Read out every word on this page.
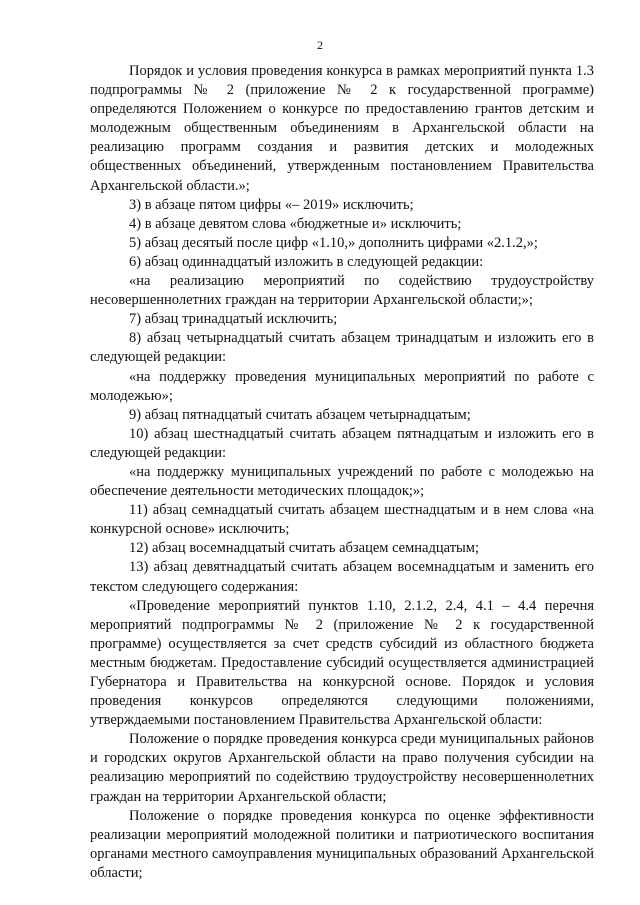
2

Порядок и условия проведения конкурса в рамках мероприятий пункта 1.3 подпрограммы № 2 (приложение № 2 к государственной программе) определяются Положением о конкурсе по предоставлению грантов детским и молодежным общественным объединениям в Архангельской области на реализацию программ создания и развития детских и молодежных общественных объединений, утвержденным постановлением Правительства Архангельской области.»;

3) в абзаце пятом цифры «– 2019» исключить;

4) в абзаце девятом слова «бюджетные и» исключить;

5) абзац десятый после цифр «1.10,» дополнить цифрами «2.1.2,»;

6) абзац одиннадцатый изложить в следующей редакции:

«на реализацию мероприятий по содействию трудоустройству несовершеннолетних граждан на территории Архангельской области;»;

7) абзац тринадцатый исключить;

8) абзац четырнадцатый считать абзацем тринадцатым и изложить его в следующей редакции:

«на поддержку проведения муниципальных мероприятий по работе с молодежью»;

9) абзац пятнадцатый считать абзацем четырнадцатым;

10) абзац шестнадцатый считать абзацем пятнадцатым и изложить его в следующей редакции:

«на поддержку муниципальных учреждений по работе с молодежью на обеспечение деятельности методических площадок;»;

11) абзац семнадцатый считать абзацем шестнадцатым и в нем слова «на конкурсной основе» исключить;

12) абзац восемнадцатый считать абзацем семнадцатым;

13) абзац девятнадцатый считать абзацем восемнадцатым и заменить его текстом следующего содержания:

«Проведение мероприятий пунктов 1.10, 2.1.2, 2.4, 4.1 – 4.4 перечня мероприятий подпрограммы № 2 (приложение № 2 к государственной программе) осуществляется за счет средств субсидий из областного бюджета местным бюджетам. Предоставление субсидий осуществляется администрацией Губернатора и Правительства на конкурсной основе. Порядок и условия проведения конкурсов определяются следующими положениями, утверждаемыми постановлением Правительства Архангельской области:

Положение о порядке проведения конкурса среди муниципальных районов и городских округов Архангельской области на право получения субсидии на реализацию мероприятий по содействию трудоустройству несовершеннолетних граждан на территории Архангельской области;

Положение о порядке проведения конкурса по оценке эффективности реализации мероприятий молодежной политики и патриотического воспитания органами местного самоуправления муниципальных образований Архангельской области;
